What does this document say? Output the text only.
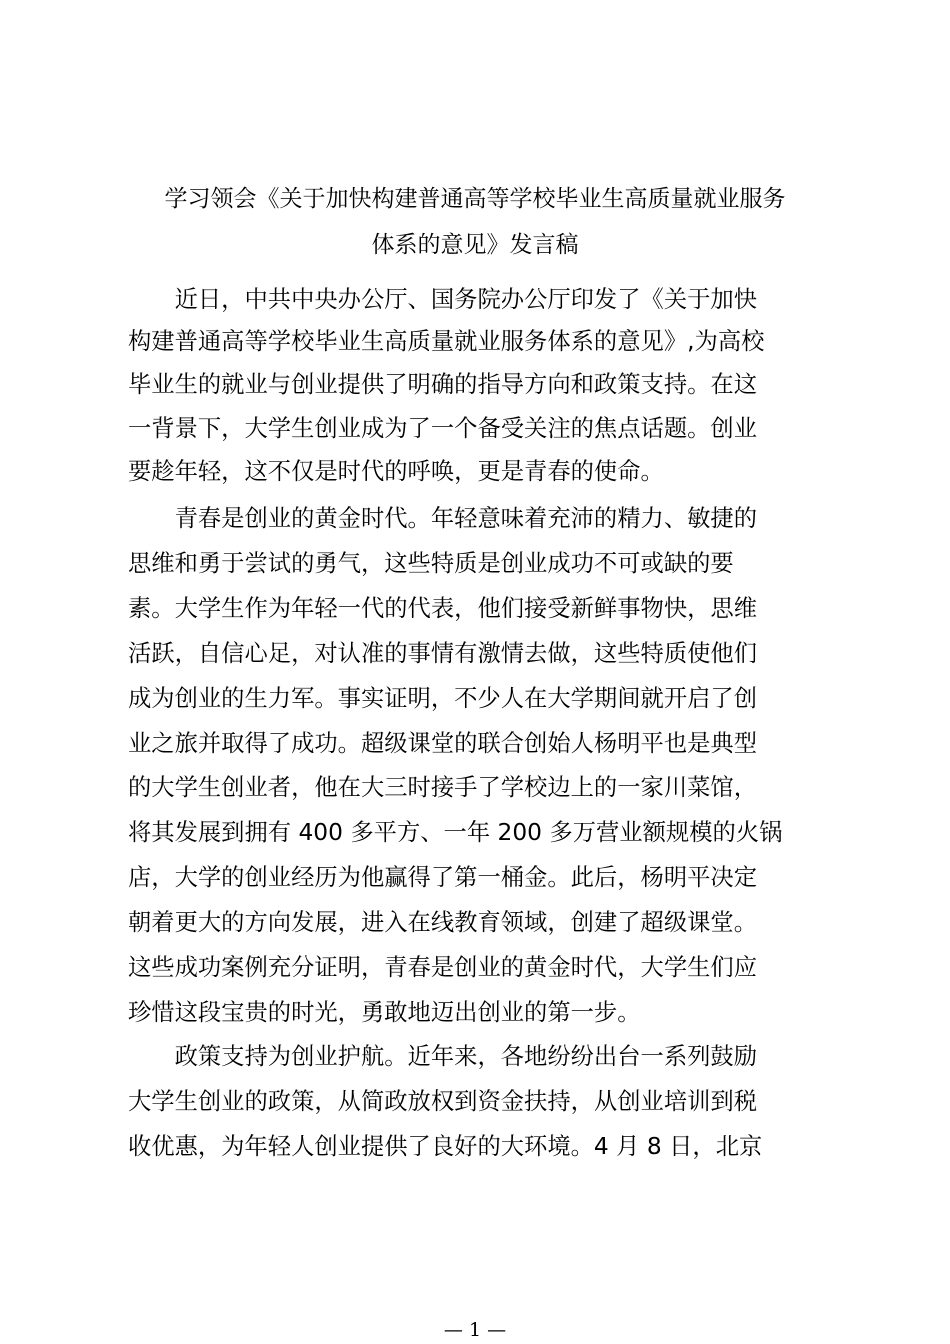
学习领会《关于加快构建普通高等学校毕业生高质量就业服务
体系的意见》发言稿

　　近日，中共中央办公厅、国务院办公厅印发了《关于加快

构建普通高等学校毕业生高质量就业服务体系的意见》,为高校

毕业生的就业与创业提供了明确的指导方向和政策支持。在这

一背景下，大学生创业成为了一个备受关注的焦点话题。创业

要趁年轻，这不仅是时代的呼唤，更是青春的使命。

　　青春是创业的黄金时代。年轻意味着充沛的精力、敏捷的

思维和勇于尝试的勇气，这些特质是创业成功不可或缺的要

素。大学生作为年轻一代的代表，他们接受新鲜事物快，思维

活跃，自信心足，对认准的事情有激情去做，这些特质使他们

成为创业的生力军。事实证明，不少人在大学期间就开启了创

业之旅并取得了成功。超级课堂的联合创始人杨明平也是典型

的大学生创业者，他在大三时接手了学校边上的一家川菜馆，

将其发展到拥有 400 多平方、一年 200 多万营业额规模的火锅

店，大学的创业经历为他赢得了第一桶金。此后，杨明平决定

朝着更大的方向发展，进入在线教育领域，创建了超级课堂。

这些成功案例充分证明，青春是创业的黄金时代，大学生们应

珍惜这段宝贵的时光，勇敢地迈出创业的第一步。

　　政策支持为创业护航。近年来，各地纷纷出台一系列鼓励

大学生创业的政策，从简政放权到资金扶持，从创业培训到税

收优惠，为年轻人创业提供了良好的大环境。4 月 8 日，北京

— 1 —
